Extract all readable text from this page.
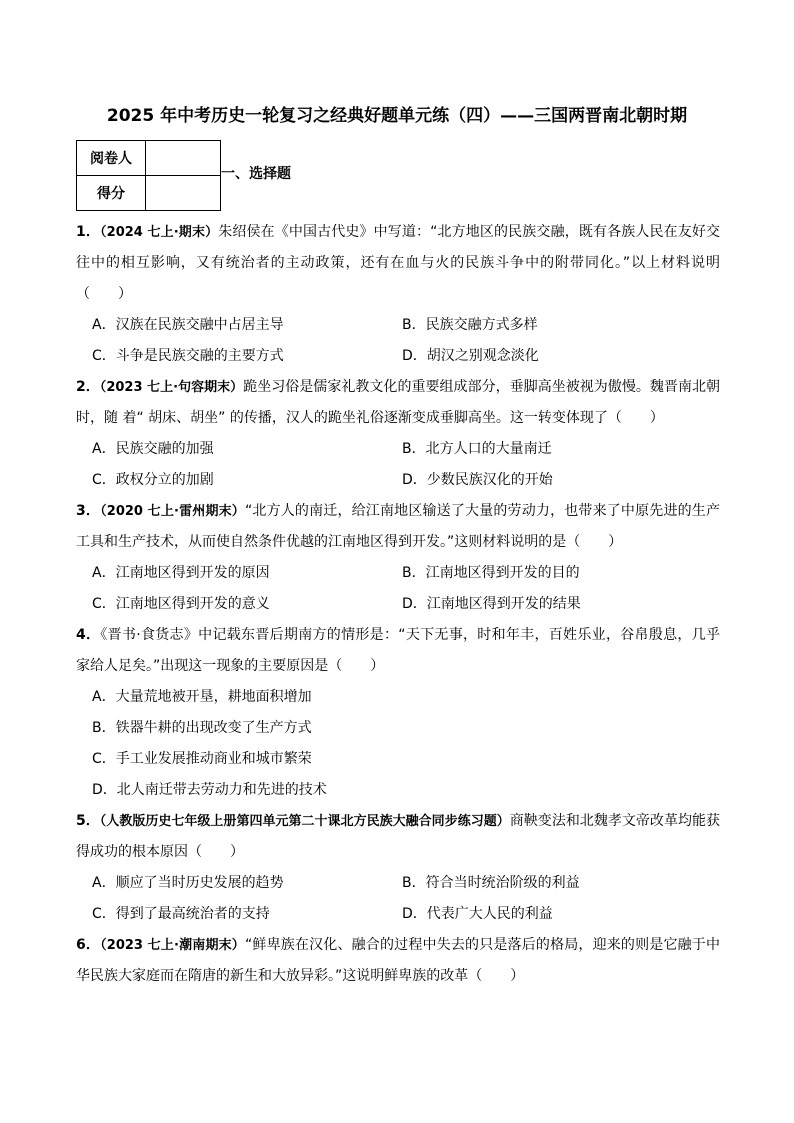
2025 年中考历史一轮复习之经典好题单元练（四）——三国两晋南北朝时期
阅卷人	
得分	
一、选择题
1．（2024 七上·期末）朱绍侯在《中国古代史》中写道：“北方地区的民族交融，既有各族人民在友好交往中的相互影响，又有统治者的主动政策，还有在血与火的民族斗争中的附带同化。”以上材料说明（　　）
A．汉族在民族交融中占居主导	B．民族交融方式多样
C．斗争是民族交融的主要方式	D．胡汉之别观念淡化
2．（2023 七上·句容期末）跪坐习俗是儒家礼教文化的重要组成部分，垂脚高坐被视为傲慢。魏晋南北朝时，随 着“ 胡床、胡坐” 的传播，汉人的跪坐礼俗逐渐变成垂脚高坐。这一转变体现了（　　）
A．民族交融的加强	B．北方人口的大量南迁
C．政权分立的加剧	D．少数民族汉化的开始
3．（2020 七上·雷州期末）“北方人的南迁，给江南地区输送了大量的劳动力，也带来了中原先进的生产工具和生产技术，从而使自然条件优越的江南地区得到开发。”这则材料说明的是（　　）
A．江南地区得到开发的原因	B．江南地区得到开发的目的
C．江南地区得到开发的意义	D．江南地区得到开发的结果
4．《晋书·食货志》中记载东晋后期南方的情形是：“天下无事，时和年丰，百姓乐业，谷帛殷息，几乎家给人足矣。”出现这一现象的主要原因是（　　）
A．大量荒地被开垦，耕地面积增加
B．铁器牛耕的出现改变了生产方式
C．手工业发展推动商业和城市繁荣
D．北人南迁带去劳动力和先进的技术
5．（人教版历史七年级上册第四单元第二十课北方民族大融合同步练习题）商鞅变法和北魏孝文帝改革均能获得成功的根本原因（　　）
A．顺应了当时历史发展的趋势	B．符合当时统治阶级的利益
C．得到了最高统治者的支持	D．代表广大人民的利益
6．（2023 七上·潮南期末）“鲜卑族在汉化、融合的过程中失去的只是落后的格局，迎来的则是它融于中华民族大家庭而在隋唐的新生和大放异彩。”这说明鲜卑族的改革（　　）
